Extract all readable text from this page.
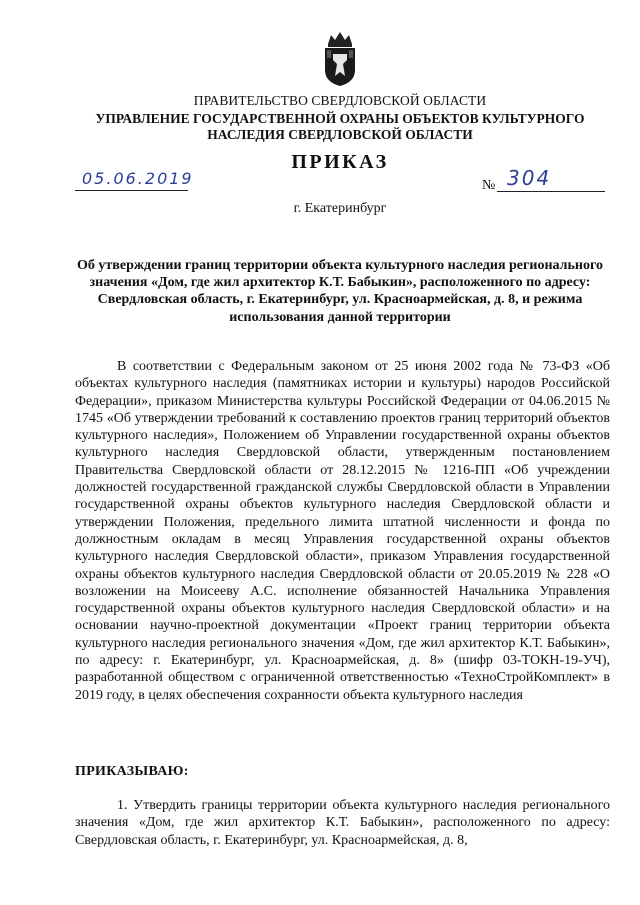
ПРАВИТЕЛЬСТВО СВЕРДЛОВСКОЙ ОБЛАСТИ
УПРАВЛЕНИЕ ГОСУДАРСТВЕННОЙ ОХРАНЫ ОБЪЕКТОВ КУЛЬТУРНОГО НАСЛЕДИЯ СВЕРДЛОВСКОЙ ОБЛАСТИ
ПРИКАЗ
05.06.2019	№ 304
г. Екатеринбург
Об утверждении границ территории объекта культурного наследия регионального значения «Дом, где жил архитектор К.Т. Бабыкин», расположенного по адресу: Свердловская область, г. Екатеринбург, ул. Красноармейская, д. 8, и режима использования данной территории
В соответствии с Федеральным законом от 25 июня 2002 года № 73-ФЗ «Об объектах культурного наследия (памятниках истории и культуры) народов Российской Федерации», приказом Министерства культуры Российской Федерации от 04.06.2015 № 1745 «Об утверждении требований к составлению проектов границ территорий объектов культурного наследия», Положением об Управлении государственной охраны объектов культурного наследия Свердловской области, утвержденным постановлением Правительства Свердловской области от 28.12.2015 № 1216-ПП «Об учреждении должностей государственной гражданской службы Свердловской области в Управлении государственной охраны объектов культурного наследия Свердловской области и утверждении Положения, предельного лимита штатной численности и фонда по должностным окладам в месяц Управления государственной охраны объектов культурного наследия Свердловской области», приказом Управления государственной охраны объектов культурного наследия Свердловской области от 20.05.2019 № 228 «О возложении на Моисееву А.С. исполнение обязанностей Начальника Управления государственной охраны объектов культурного наследия Свердловской области» и на основании научно-проектной документации «Проект границ территории объекта культурного наследия регионального значения «Дом, где жил архитектор К.Т. Бабыкин», по адресу: г. Екатеринбург, ул. Красноармейская, д. 8» (шифр 03-ТОКН-19-УЧ), разработанной обществом с ограниченной ответственностью «ТехноСтройКомплект» в 2019 году, в целях обеспечения сохранности объекта культурного наследия
ПРИКАЗЫВАЮ:
1. Утвердить границы территории объекта культурного наследия регионального значения «Дом, где жил архитектор К.Т. Бабыкин», расположенного по адресу: Свердловская область, г. Екатеринбург, ул. Красноармейская, д. 8,
